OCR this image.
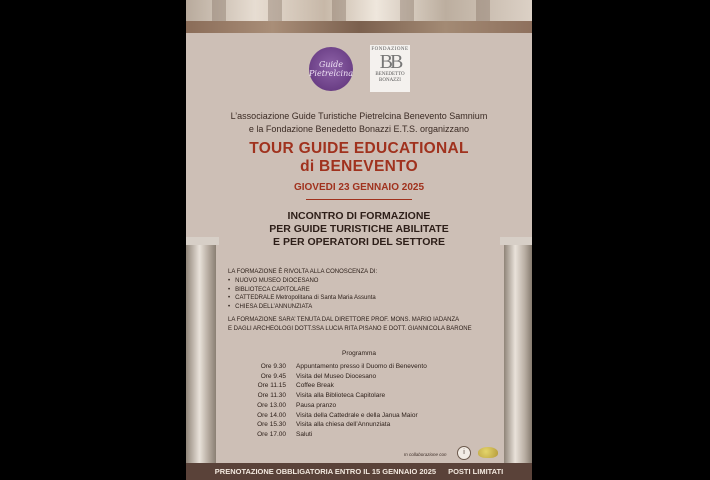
Guide
Pietrelcina
FONDAZIONE
BB
BENEDETTO
BONAZZI
L’associazione Guide Turistiche Pietrelcina Benevento Samnium
e la Fondazione Benedetto Bonazzi E.T.S. organizzano

TOUR GUIDE EDUCATIONAL

di BENEVENTO

GIOVEDI 23 GENNAIO 2025

INCONTRO DI FORMAZIONE
PER GUIDE TURISTICHE ABILITATE
E PER OPERATORI DEL SETTORE

LA FORMAZIONE È RIVOLTA ALLA CONOSCENZA DI:

• NUOVO MUSEO DIOCESANO
• BIBLIOTECA CAPITOLARE
• CATTEDRALE Metropolitana di Santa Maria Assunta
• CHIESA DELL’ANNUNZIATA
LA FORMAZIONE SARA’ TENUTA DAL DIRETTORE PROF. MONS. MARIO IADANZA
E DAGLI ARCHEOLOGI DOTT.SSA LUCIA RITA PISANO E DOTT. GIANNICOLA BARONE

Programma

Ore 9.30	Appuntamento presso il Duomo di Benevento
Ore 9.45	Visita del Museo Diocesano
Ore 11.15	Coffee Break
Ore 11.30	Visita alla Biblioteca Capitolare
Ore 13.00	Pausa pranzo
Ore 14.00	Visita della Cattedrale e della Janua Maior
Ore 15.30	Visita alla chiesa dell’Annunziata
Ore 17.00	Saluti

In collaborazione con	i

PRENOTAZIONE OBBLIGATORIA ENTRO IL 15 GENNAIO 2025 POSTI LIMITATI
